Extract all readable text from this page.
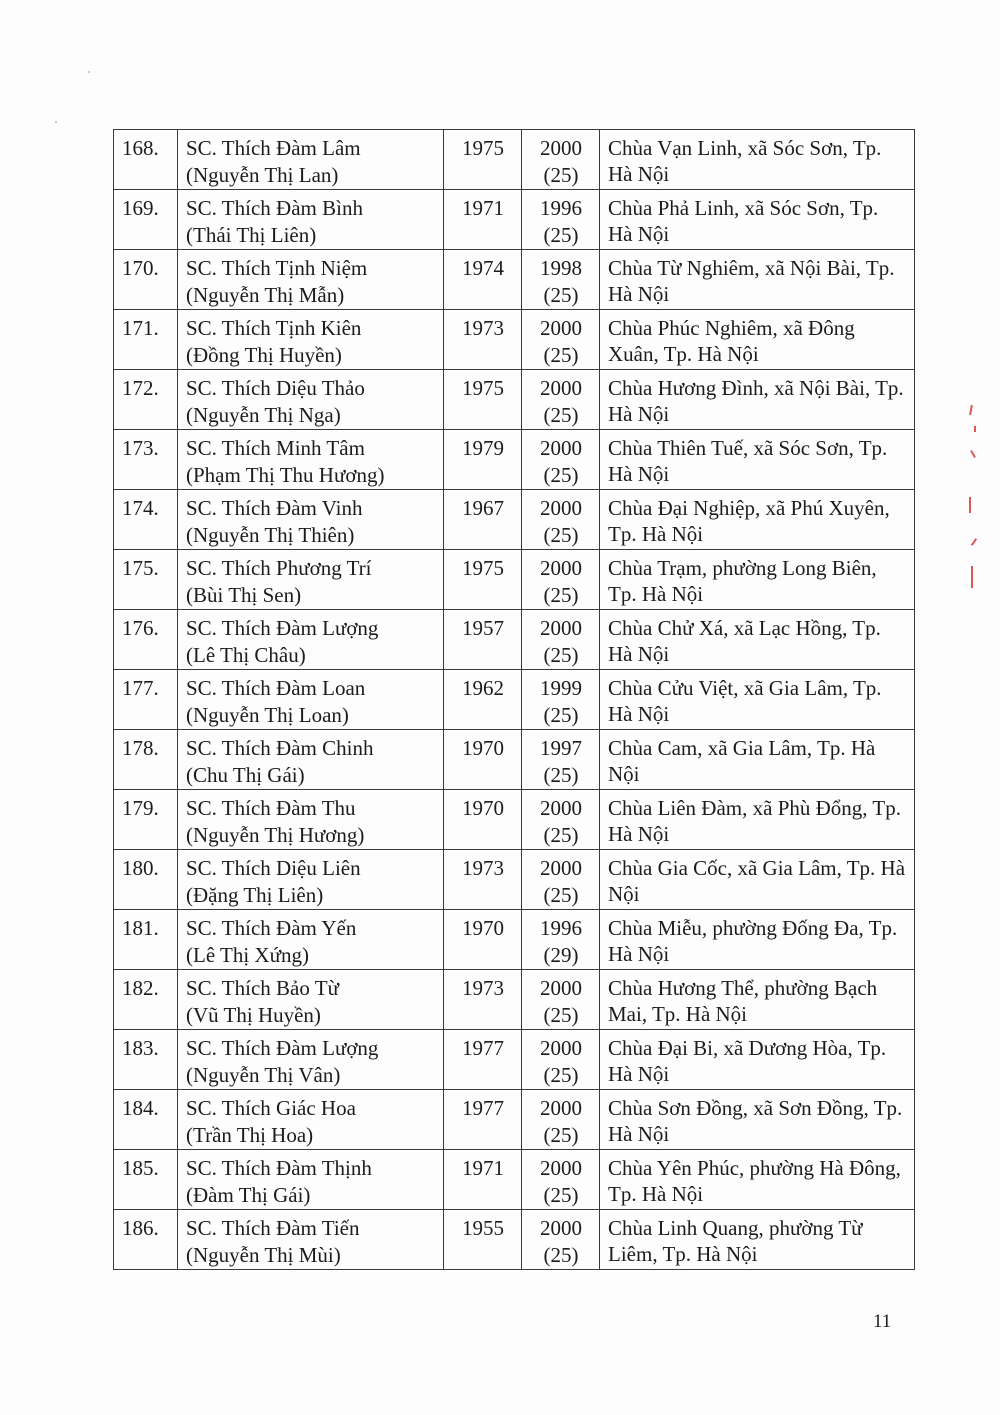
168.	SC. Thích Đàm Lâm
(Nguyễn Thị Lan)	1975	2000
(25)	Chùa Vạn Linh, xã Sóc Sơn, Tp. Hà Nội

169.	SC. Thích Đàm Bình
(Thái Thị Liên)	1971	1996
(25)	Chùa Phả Linh, xã Sóc Sơn, Tp. Hà Nội

170.	SC. Thích Tịnh Niệm
(Nguyễn Thị Mẫn)	1974	1998
(25)	Chùa Từ Nghiêm, xã Nội Bài, Tp. Hà Nội

171.	SC. Thích Tịnh Kiên
(Đồng Thị Huyền)	1973	2000
(25)	Chùa Phúc Nghiêm, xã Đông Xuân, Tp. Hà Nội

172.	SC. Thích Diệu Thảo
(Nguyễn Thị Nga)	1975	2000
(25)	Chùa Hương Đình, xã Nội Bài, Tp. Hà Nội

173.	SC. Thích Minh Tâm
(Phạm Thị Thu Hương)	1979	2000
(25)	Chùa Thiên Tuế, xã Sóc Sơn, Tp. Hà Nội

174.	SC. Thích Đàm Vinh
(Nguyễn Thị Thiên)	1967	2000
(25)	Chùa Đại Nghiệp, xã Phú Xuyên, Tp. Hà Nội

175.	SC. Thích Phương Trí
(Bùi Thị Sen)	1975	2000
(25)	Chùa Trạm, phường Long Biên, Tp. Hà Nội

176.	SC. Thích Đàm Lượng
(Lê Thị Châu)	1957	2000
(25)	Chùa Chử Xá, xã Lạc Hồng, Tp. Hà Nội

177.	SC. Thích Đàm Loan
(Nguyễn Thị Loan)	1962	1999
(25)	Chùa Cửu Việt, xã Gia Lâm, Tp. Hà Nội

178.	SC. Thích Đàm Chinh
(Chu Thị Gái)	1970	1997
(25)	Chùa Cam, xã Gia Lâm, Tp. Hà Nội

179.	SC. Thích Đàm Thu
(Nguyễn Thị Hương)	1970	2000
(25)	Chùa Liên Đàm, xã Phù Đổng, Tp. Hà Nội

180.	SC. Thích Diệu Liên
(Đặng Thị Liên)	1973	2000
(25)	Chùa Gia Cốc, xã Gia Lâm, Tp. Hà Nội

181.	SC. Thích Đàm Yến
(Lê Thị Xứng)	1970	1996
(29)	Chùa Miễu, phường Đống Đa, Tp. Hà Nội

182.	SC. Thích Bảo Từ
(Vũ Thị Huyền)	1973	2000
(25)	Chùa Hương Thể, phường Bạch Mai, Tp. Hà Nội

183.	SC. Thích Đàm Lượng
(Nguyễn Thị Vân)	1977	2000
(25)	Chùa Đại Bi, xã Dương Hòa, Tp. Hà Nội

184.	SC. Thích Giác Hoa
(Trần Thị Hoa)	1977	2000
(25)	Chùa Sơn Đồng, xã Sơn Đồng, Tp. Hà Nội

185.	SC. Thích Đàm Thịnh
(Đàm Thị Gái)	1971	2000
(25)	Chùa Yên Phúc, phường Hà Đông, Tp. Hà Nội

186.	SC. Thích Đàm Tiến
(Nguyễn Thị Mùi)	1955	2000
(25)	Chùa Linh Quang, phường Từ Liêm, Tp. Hà Nội
11
